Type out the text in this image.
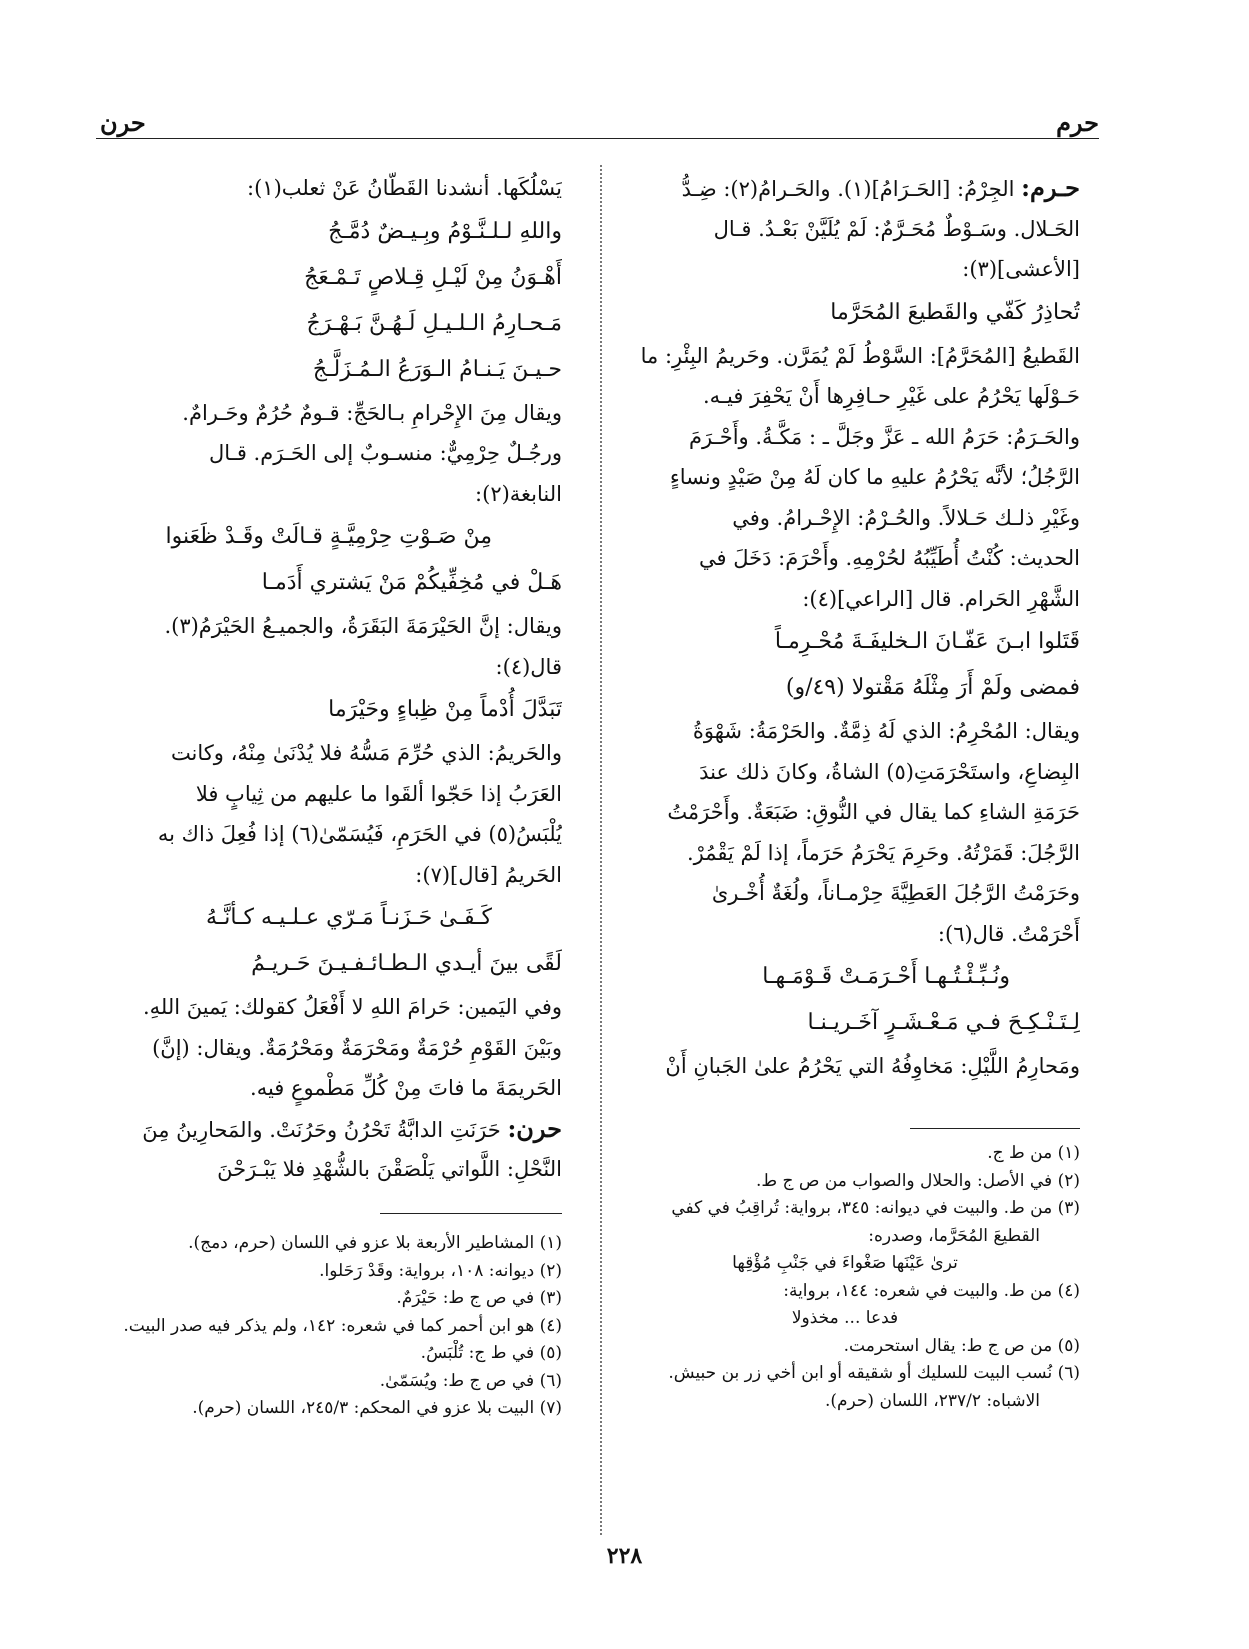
حرم
حرن
حـرم: الجِرْمُ: [الحَـرَامُ](١). والحَـرامُ(٢): ضِـدُّ
الحَـلال. وسَـوْطٌ مُحَـرَّمٌ: لَمْ يُلَيَّنْ بَعْـدُ. قـال
[الأعشى](٣):
تُحاذِرُ كَفّي والقَطيعَ المُحَرَّما
القَطيعُ [المُحَرَّمُ]: السَّوْطُ لَمْ يُمَرَّن. وحَريمُ البِئْرِ: ما
حَـوْلَها يَحْرُمُ على غَيْرِ حـافِرِها أَنْ يَحْفِرَ فيـه.
والحَـرَمُ: حَرَمُ الله ـ عَزَّ وجَلَّ ـ : مَكَّـةُ. وأَحْـرَمَ
الرَّجُلُ؛ لأنَّه يَحْرُمُ عليهِ ما كان لَهُ مِنْ صَيْدٍ ونساءٍ
وغَيْرِ ذلـك حَـلالاً. والحُـرْمُ: الإِحْـرامُ. وفي
الحديث: كُنْتُ أُطَيِّبُهُ لحُرْمِهِ. وأَحْرَمَ: دَخَلَ في
الشَّهْرِ الحَرام. قال [الراعي](٤):
قَتَلوا ابـنَ عَفّـانَ الـخليفَـةَ مُحْـرِمـاً
فمضى ولَمْ أَرَ مِثْلَهُ مَقْتولا (٤٩/و)
ويقال: المُحْرِمُ: الذي لَهُ ذِمَّةٌ. والحَرْمَةُ: شَهْوَةُ
البِضاعِ، واستَحْرَمَتِ(٥) الشاةُ، وكانَ ذلك عندَ
حَرَمَةِ الشاءِ كما يقال في النُّوقِ: ضَبَعَةٌ. وأَحْرَمْتُ
الرَّجُلَ: قَمَرْتُهُ. وحَرِمَ يَحْرَمُ حَرَماً، إذا لَمْ يَقْمُرْ.
وحَرَمْتُ الرَّجُلَ العَطِيَّةَ حِرْمـاناً، ولُغَةٌ أُخْـرىٰ
أَحْرَمْتُ. قال(٦):
ونُـبِّـئْـتُـهـا أَحْـرَمَـتْ قَـوْمَـهـا
لِـتَـنْـكِـحَ فـي مَـعْـشَـرٍ آخَـريـنـا
ومَحارِمُ اللَّيْلِ: مَخاوِفُهُ التي يَحْرُمُ علىٰ الجَبانِ أَنْ
يَسْلُكَها. أنشدنا القَطّانُ عَنْ ثعلب(١):
واللهِ لـلـنَّـوْمُ وبِـيـضٌ دُمَّـجُ
أَهْـوَنُ مِنْ لَيْـلِ قِـلاصٍ تَـمْـعَجُ
مَـحـارِمُ الـلـيـلِ لَـهُـنَّ بَـهْـرَجُ
حـيـنَ يَـنـامُ الـوَرَعُ الـمُـزَلَّـجُ
ويقال مِنَ الإِحْرامِ بـالحَجِّ: قـومٌ حُرُمٌ وحَـرامٌ.
ورجُـلٌ حِرْمِيٌّ: منسـوبٌ إلى الحَـرَم. قـال
النابغة(٢):
مِنْ صَـوْتِ حِرْمِيَّـةٍ قـالَتْ وقَـدْ ظَعَنوا
هَـلْ في مُخِفِّيكُمْ مَنْ يَشتري أَدَمـا
ويقال: إنَّ الحَيْرَمَةَ البَقَرَةُ، والجميـعُ الحَيْرَمُ(٣).
قال(٤):
تَبَدَّلَ أُدْماً مِنْ ظِباءٍ وحَيْرَما
والحَريمُ: الذي حُرِّمَ مَسُّهُ فلا يُدْنَىٰ مِنْهُ، وكانت
العَرَبُ إذا حَجّوا ألقَوا ما عليهم من ثِيابٍ فلا
يُلْبَسُ(٥) في الحَرَمِ، فَيُسَمّىٰ(٦) إذا فُعِلَ ذاك به
الحَريمُ [قال](٧):
كَـفَـىٰ حَـزَنـاً مَـرّي عـلـيـه كـأنَّـهُ
لَقًى بينَ أيـدي الـطـائـفـيـنَ حَـريـمُ
وفي اليَمين: حَرامَ اللهِ لا أَفْعَلُ كقولك: يَمينَ اللهِ.
وبَيْنَ القَوْمِ حُرْمَةٌ ومَحْرَمَةٌ ومَحْرُمَةٌ. ويقال: (إنَّ)
الحَريمَةَ ما فاتَ مِنْ كُلِّ مَطْموعٍ فيه.
حرن: حَرَنَتِ الدابَّةُ تَحْرُنُ وحَرُنَتْ. والمَحارِينُ مِنَ
النَّحْلِ: اللَّواتي يَلْصَقْنَ بالشُّهْدِ فلا يَبْـرَحْنَ
(١) من ط ج.
(٢) في الأصل: والحلال والصواب من ص ج ط.
(٣) من ط. والبيت في ديوانه: ٣٤٥، برواية: تُراقِبُ في كفي
القطيعَ المُحَرَّما، وصدره:
ترىٰ عَيْنَها صَغْواءَ في جَنْبِ مُؤْقِها
(٤) من ط. والبيت في شعره: ١٤٤، برواية:
فدعا ... مخذولا
(٥) من ص ج ط: يقال استحرمت.
(٦) نُسب البيت للسليك أو شقيقه أو ابن أخي زر بن حبيش.
الاشباه: ٢٣٧/٢، اللسان (حرم).
(١) المشاطير الأربعة بلا عزو في اللسان (حرم، دمج).
(٢) ديوانه: ١٠٨، برواية: وقَدْ رَحَلوا.
(٣) في ص ج ط: حَيْرَمٌ.
(٤) هو ابن أحمر كما في شعره: ١٤٢، ولم يذكر فيه صدر البيت.
(٥) في ط ج: تُلْبَسُ.
(٦) في ص ج ط: ويُسَمّىٰ.
(٧) البيت بلا عزو في المحكم: ٢٤٥/٣، اللسان (حرم).
٢٢٨
